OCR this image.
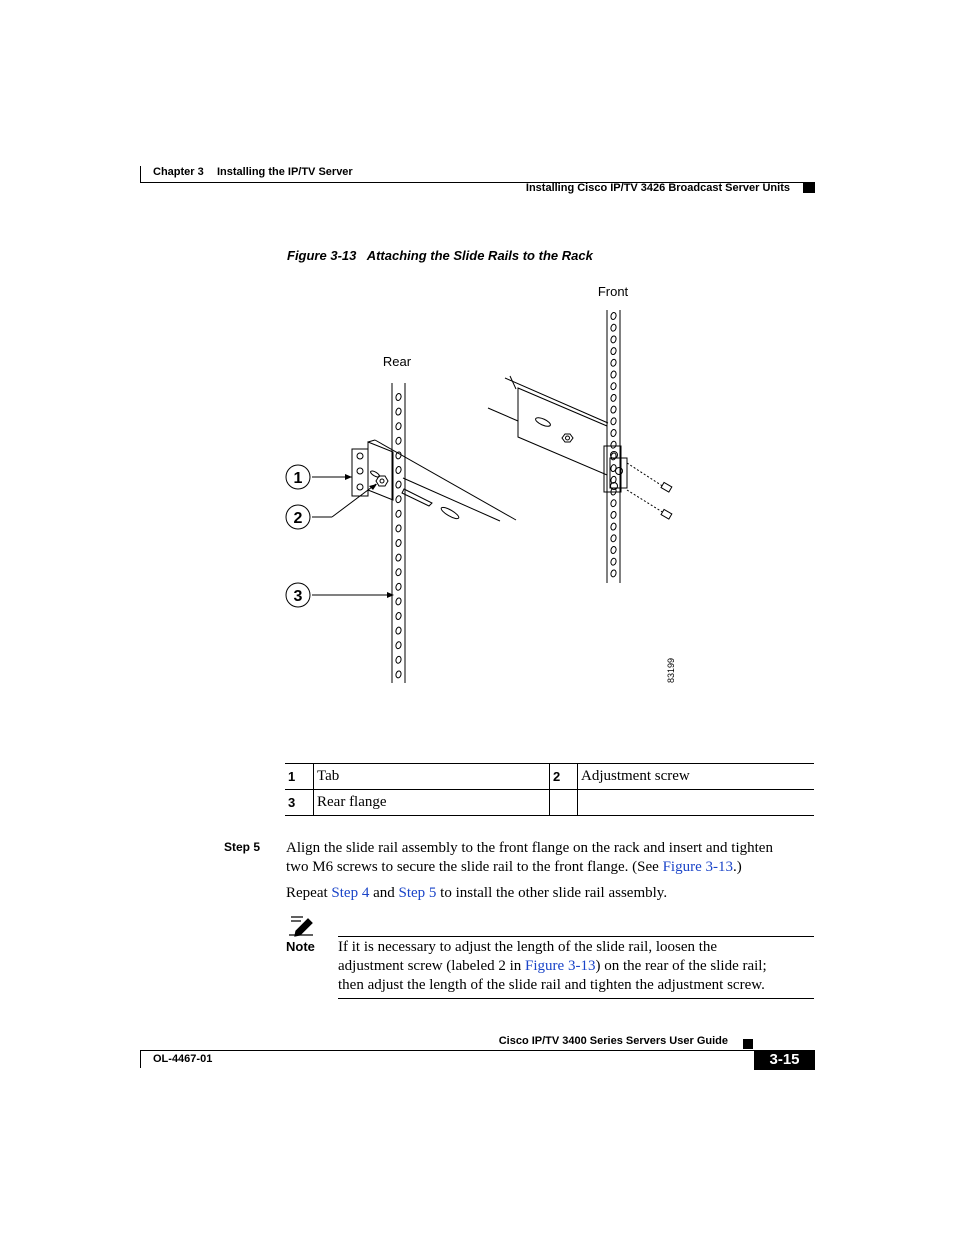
Chapter 3 Installing the IP/TV Server
Installing Cisco IP/TV 3426 Broadcast Server Units
Figure 3-13   Attaching the Slide Rails to the Rack
1
2
3
Front
Rear
83199
1	Tab	2	Adjustment screw
3	Rear flange		
Step 5 Align the slide rail assembly to the front flange on the rack and insert and tighten
two M6 screws to secure the slide rail to the front flange. (See Figure 3-13.)
Repeat Step 4 and Step 5 to install the other slide rail assembly.
Note If it is necessary to adjust the length of the slide rail, loosen the
adjustment screw (labeled 2 in Figure 3-13) on the rear of the slide rail;
then adjust the length of the slide rail and tighten the adjustment screw.
Cisco IP/TV 3400 Series Servers User Guide
OL-4467-01	3-15
